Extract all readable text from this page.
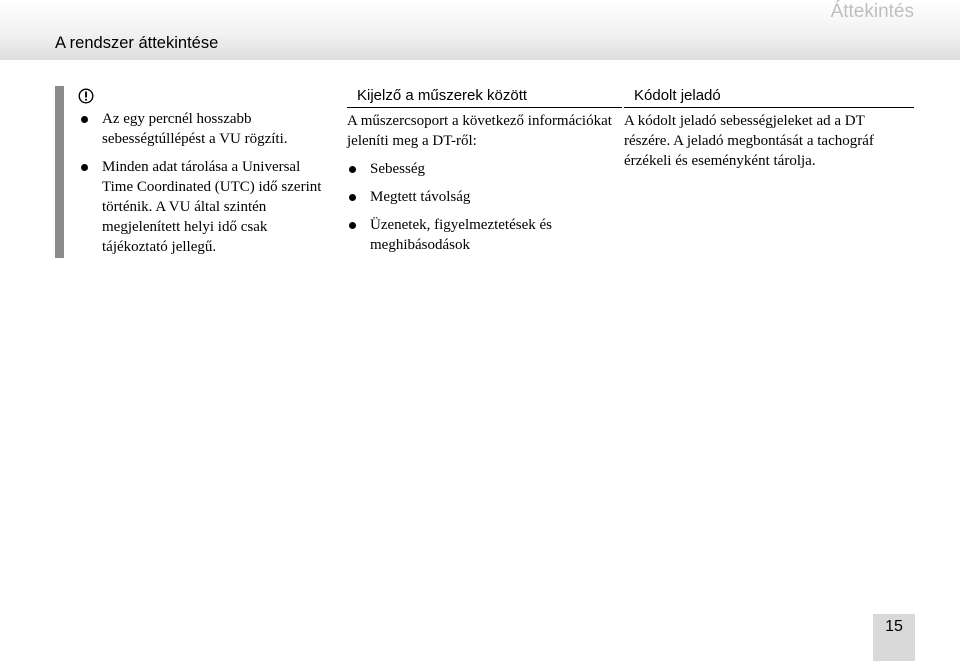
Áttekintés
A rendszer áttekintése
Az egy percnél hosszabb sebességtúllépést a VU rögzíti.
Minden adat tárolása a Universal Time Coordinated (UTC) idő szerint történik. A VU által szintén megjelenített helyi idő csak tájékoztató jellegű.
Kijelző a műszerek között
A műszercsoport a következő információkat jeleníti meg a DT-ről:
Sebesség
Megtett távolság
Üzenetek, figyelmeztetések és meghibásodások
Kódolt jeladó
A kódolt jeladó sebességjeleket ad a DT részére. A jeladó megbontását a tachográf érzékeli és eseményként tárolja.
15
